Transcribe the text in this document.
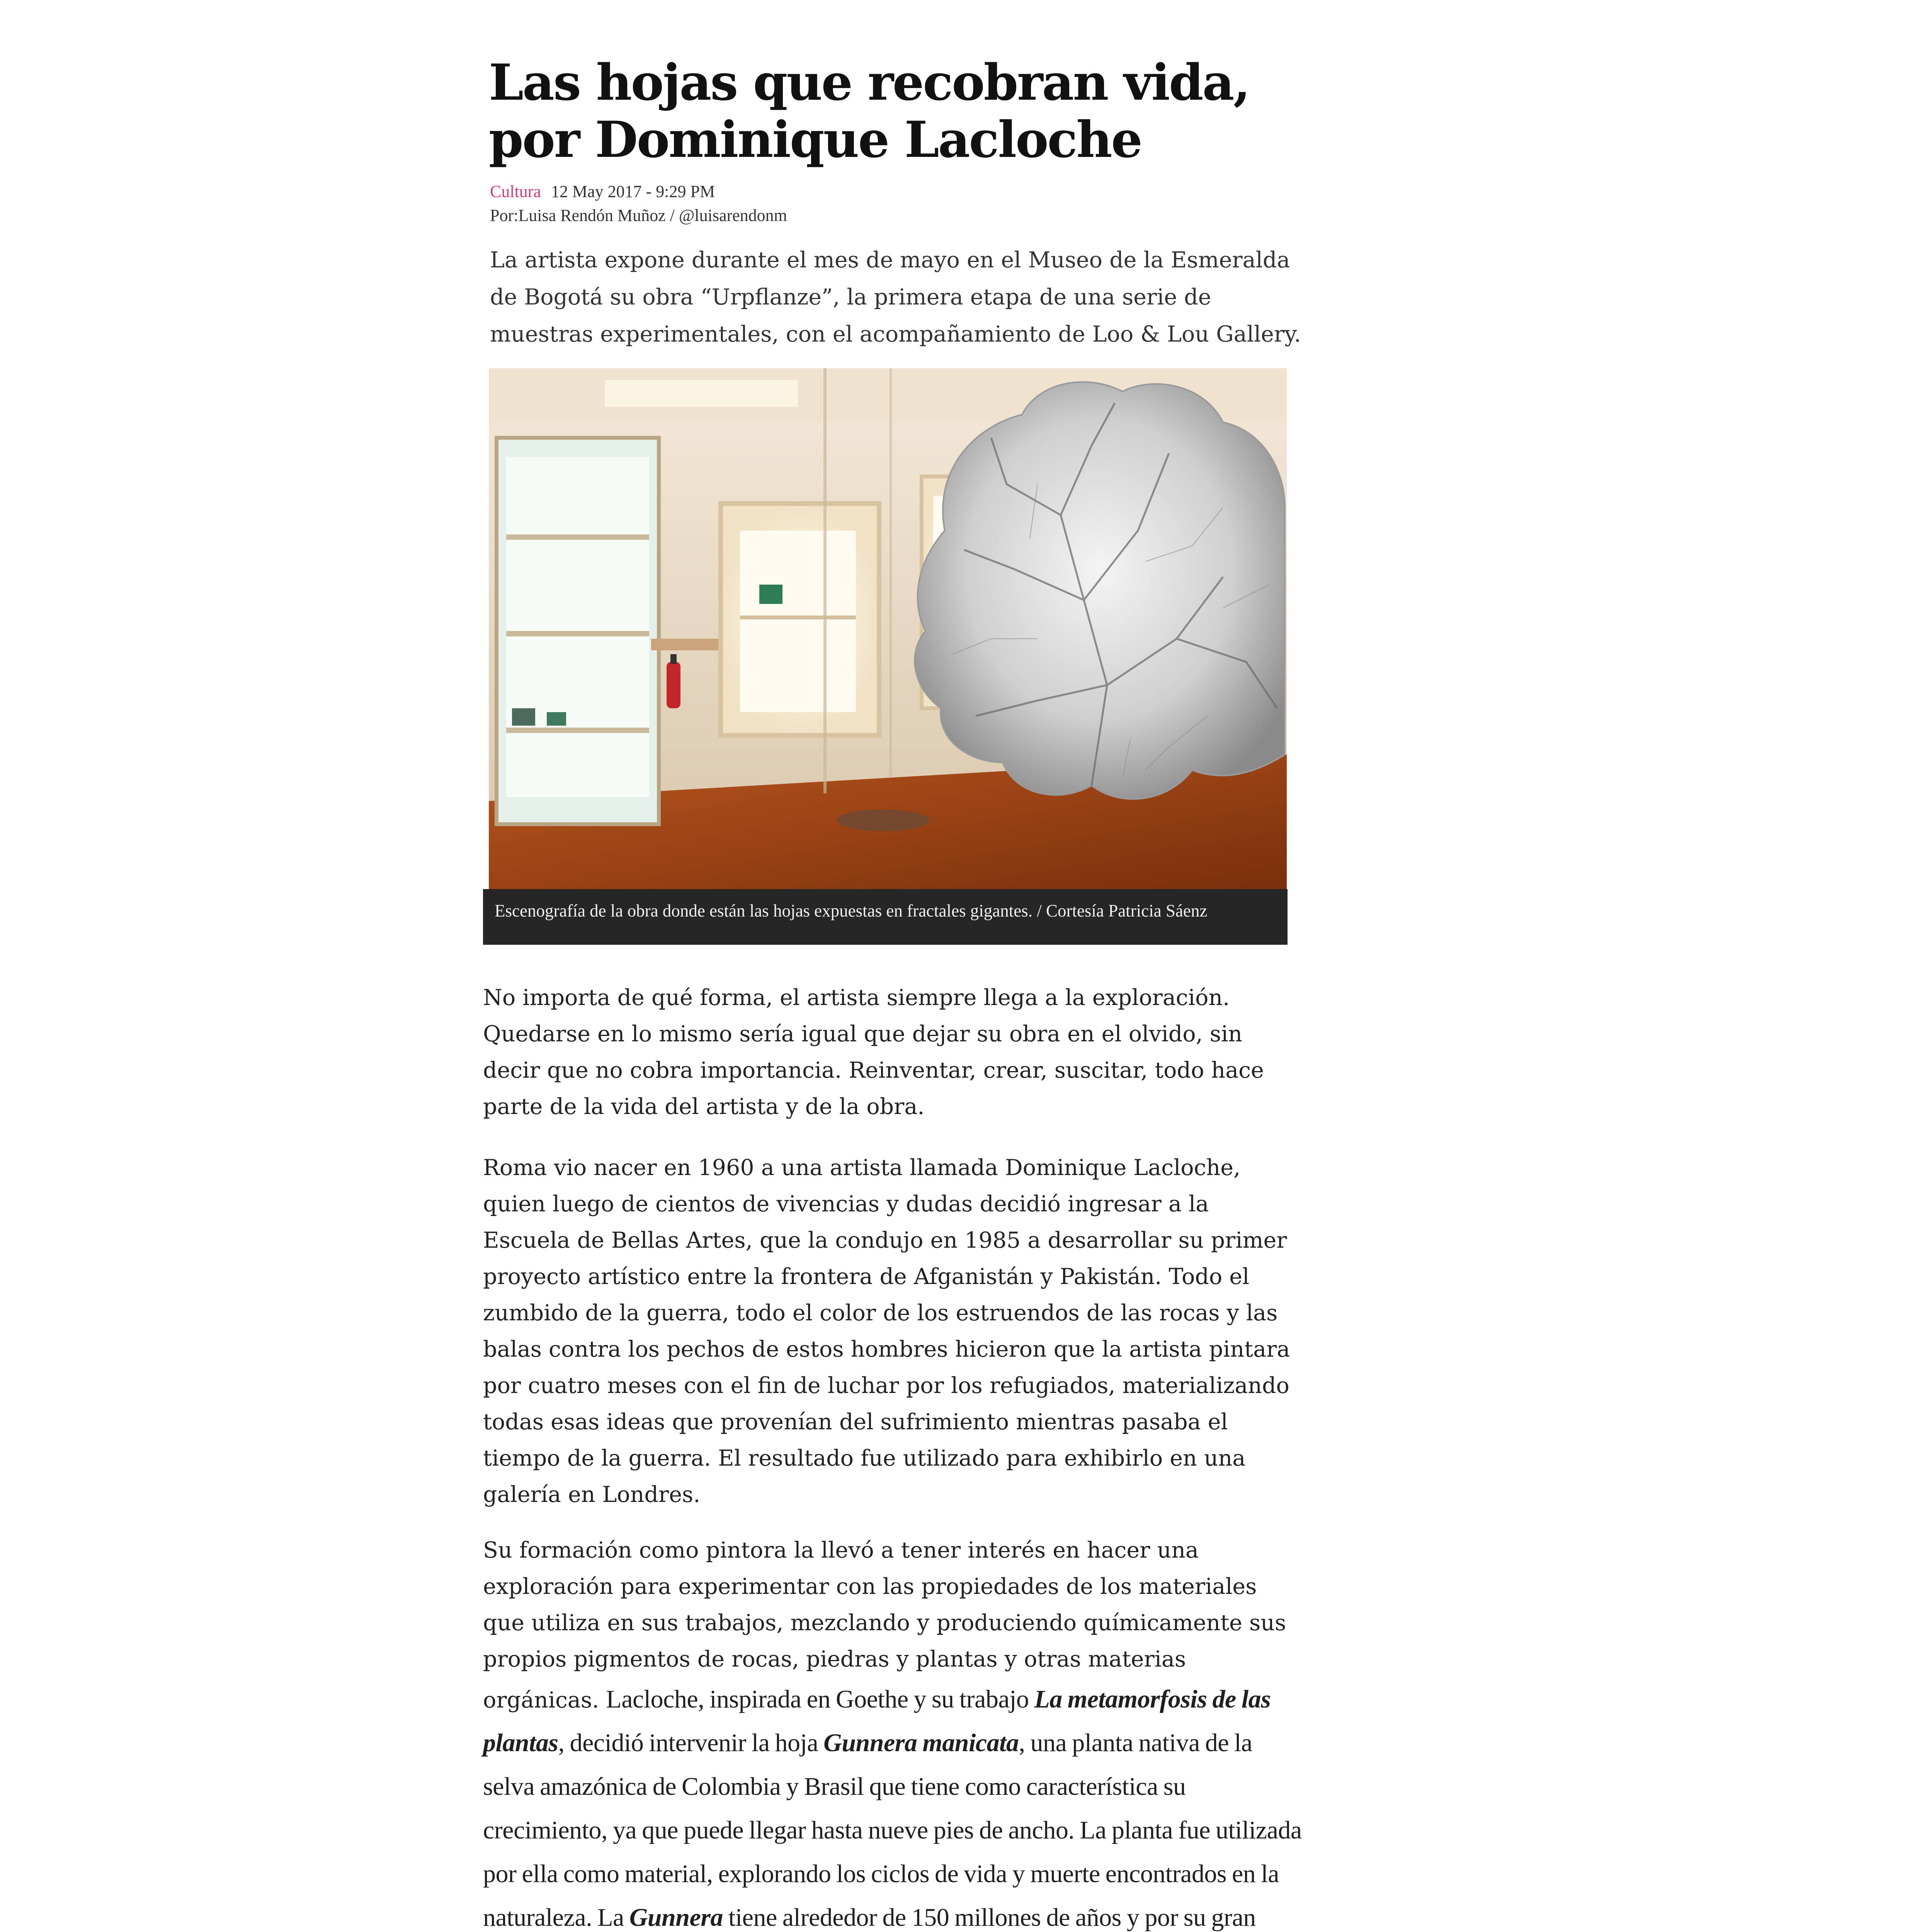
Las hojas que recobran vida, por Dominique Lacloche
Cultura 12 May 2017 - 9:29 PM
Por:Luisa Rendón Muñoz / @luisarendonm

La artista expone durante el mes de mayo en el Museo de la Esmeralda de Bogotá su obra “Urpflanze”, la primera etapa de una serie de muestras experimentales, con el acompañamiento de Loo & Lou Gallery.

Escenografía de la obra donde están las hojas expuestas en fractales gigantes. / Cortesía Patricia Sáenz

No importa de qué forma, el artista siempre llega a la exploración. Quedarse en lo mismo sería igual que dejar su obra en el olvido, sin decir que no cobra importancia. Reinventar, crear, suscitar, todo hace parte de la vida del artista y de la obra.

Roma vio nacer en 1960 a una artista llamada Dominique Lacloche, quien luego de cientos de vivencias y dudas decidió ingresar a la Escuela de Bellas Artes, que la condujo en 1985 a desarrollar su primer proyecto artístico entre la frontera de Afganistán y Pakistán. Todo el zumbido de la guerra, todo el color de los estruendos de las rocas y las balas contra los pechos de estos hombres hicieron que la artista pintara por cuatro meses con el fin de luchar por los refugiados, materializando todas esas ideas que provenían del sufrimiento mientras pasaba el tiempo de la guerra. El resultado fue utilizado para exhibirlo en una galería en Londres.

Su formación como pintora la llevó a tener interés en hacer una exploración para experimentar con las propiedades de los materiales que utiliza en sus trabajos, mezclando y produciendo químicamente sus propios pigmentos de rocas, piedras y plantas y otras materias orgánicas. Lacloche, inspirada en Goethe y su trabajo La metamorfosis de las plantas, decidió intervenir la hoja Gunnera manicata, una planta nativa de la selva amazónica de Colombia y Brasil que tiene como característica su crecimiento, ya que puede llegar hasta nueve pies de ancho. La planta fue utilizada por ella como material, explorando los ciclos de vida y muerte encontrados en la naturaleza. La Gunnera tiene alrededor de 150 millones de años y por su gran
